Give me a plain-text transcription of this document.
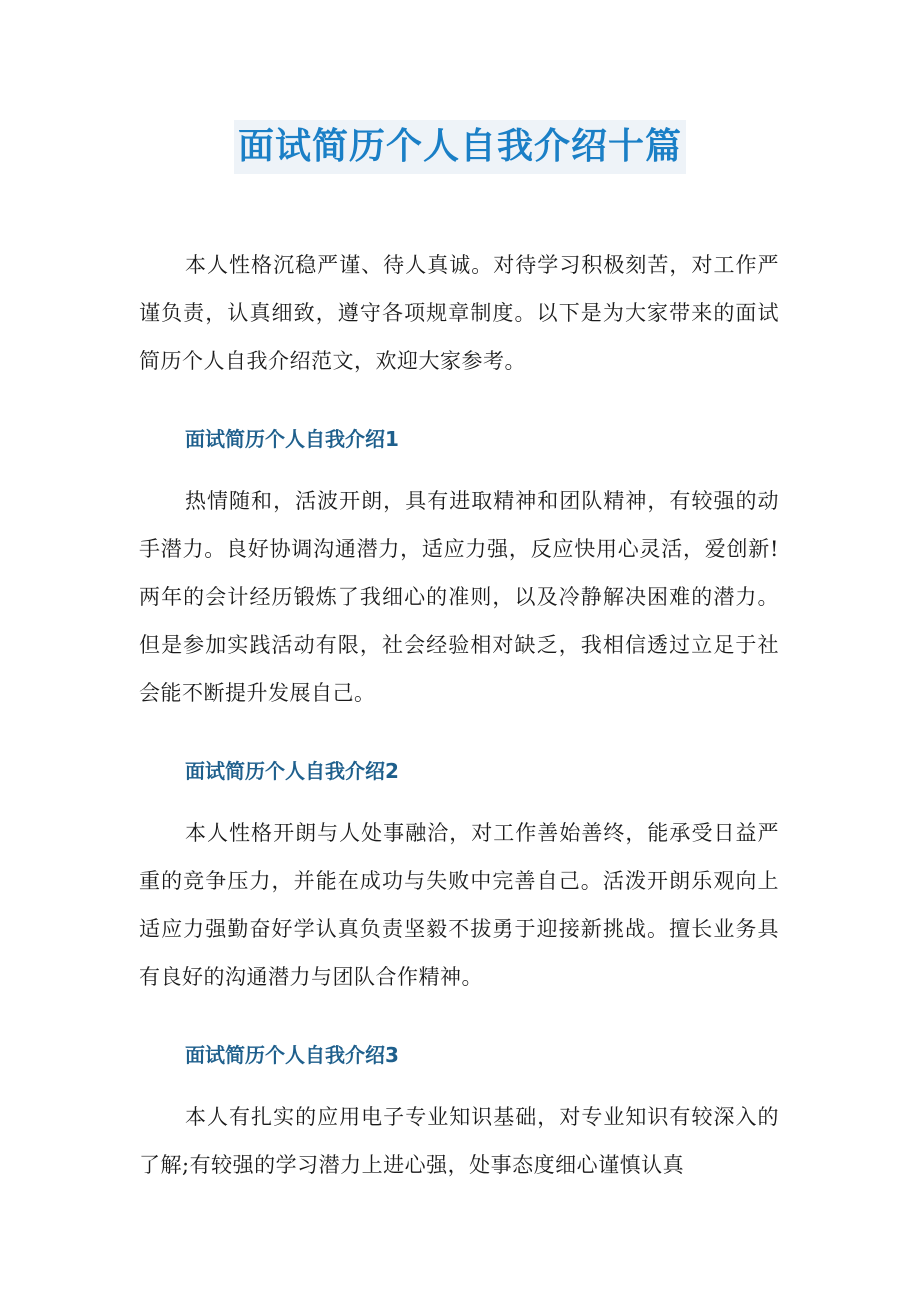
面试简历个人自我介绍十篇

本人性格沉稳严谨、待人真诚。对待学习积极刻苦，对工作严谨负责，认真细致，遵守各项规章制度。以下是为大家带来的面试简历个人自我介绍范文，欢迎大家参考。

面试简历个人自我介绍1

热情随和，活波开朗，具有进取精神和团队精神，有较强的动手潜力。良好协调沟通潜力，适应力强，反应快用心灵活，爱创新!两年的会计经历锻炼了我细心的准则，以及冷静解决困难的潜力。但是参加实践活动有限，社会经验相对缺乏，我相信透过立足于社会能不断提升发展自己。

面试简历个人自我介绍2

本人性格开朗与人处事融洽，对工作善始善终，能承受日益严重的竞争压力，并能在成功与失败中完善自己。活泼开朗乐观向上适应力强勤奋好学认真负责坚毅不拔勇于迎接新挑战。擅长业务具有良好的沟通潜力与团队合作精神。

面试简历个人自我介绍3

本人有扎实的应用电子专业知识基础，对专业知识有较深入的了解;有较强的学习潜力上进心强，处事态度细心谨慎认真
